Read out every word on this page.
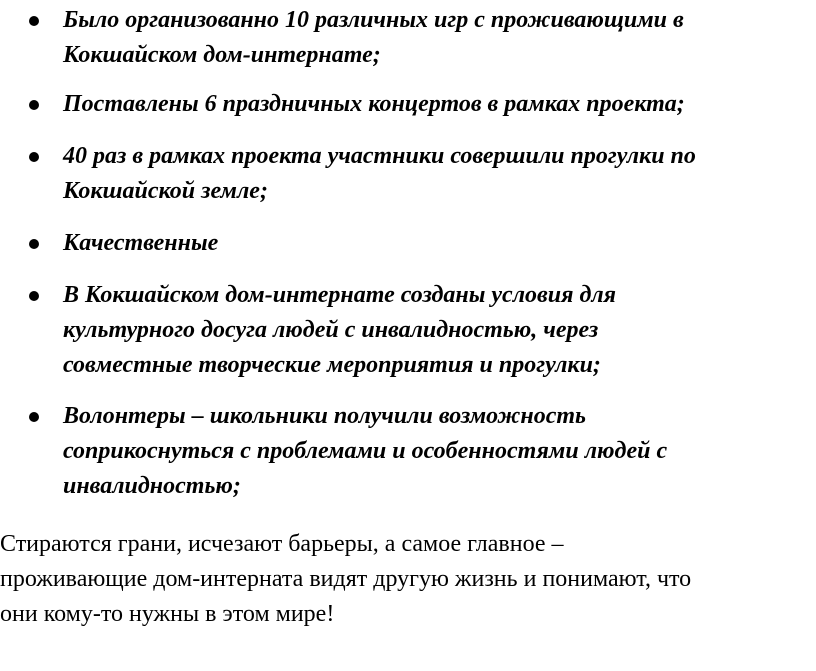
Было организованно 10 различных игр с проживающими в
Кокшайском дом-интернате;

Поставлены 6 праздничных концертов в рамках проекта;

40 раз в рамках проекта участники совершили прогулки по
Кокшайской земле;

Качественные

В Кокшайском дом-интернате созданы условия для
культурного досуга людей с инвалидностью, через
совместные творческие мероприятия и прогулки;

Волонтеры – школьники получили возможность
соприкоснуться с проблемами и особенностями людей с
инвалидностью;

Стираются грани, исчезают барьеры, а самое главное –
проживающие дом-интерната видят другую жизнь и понимают, что
они кому-то нужны в этом мире!
